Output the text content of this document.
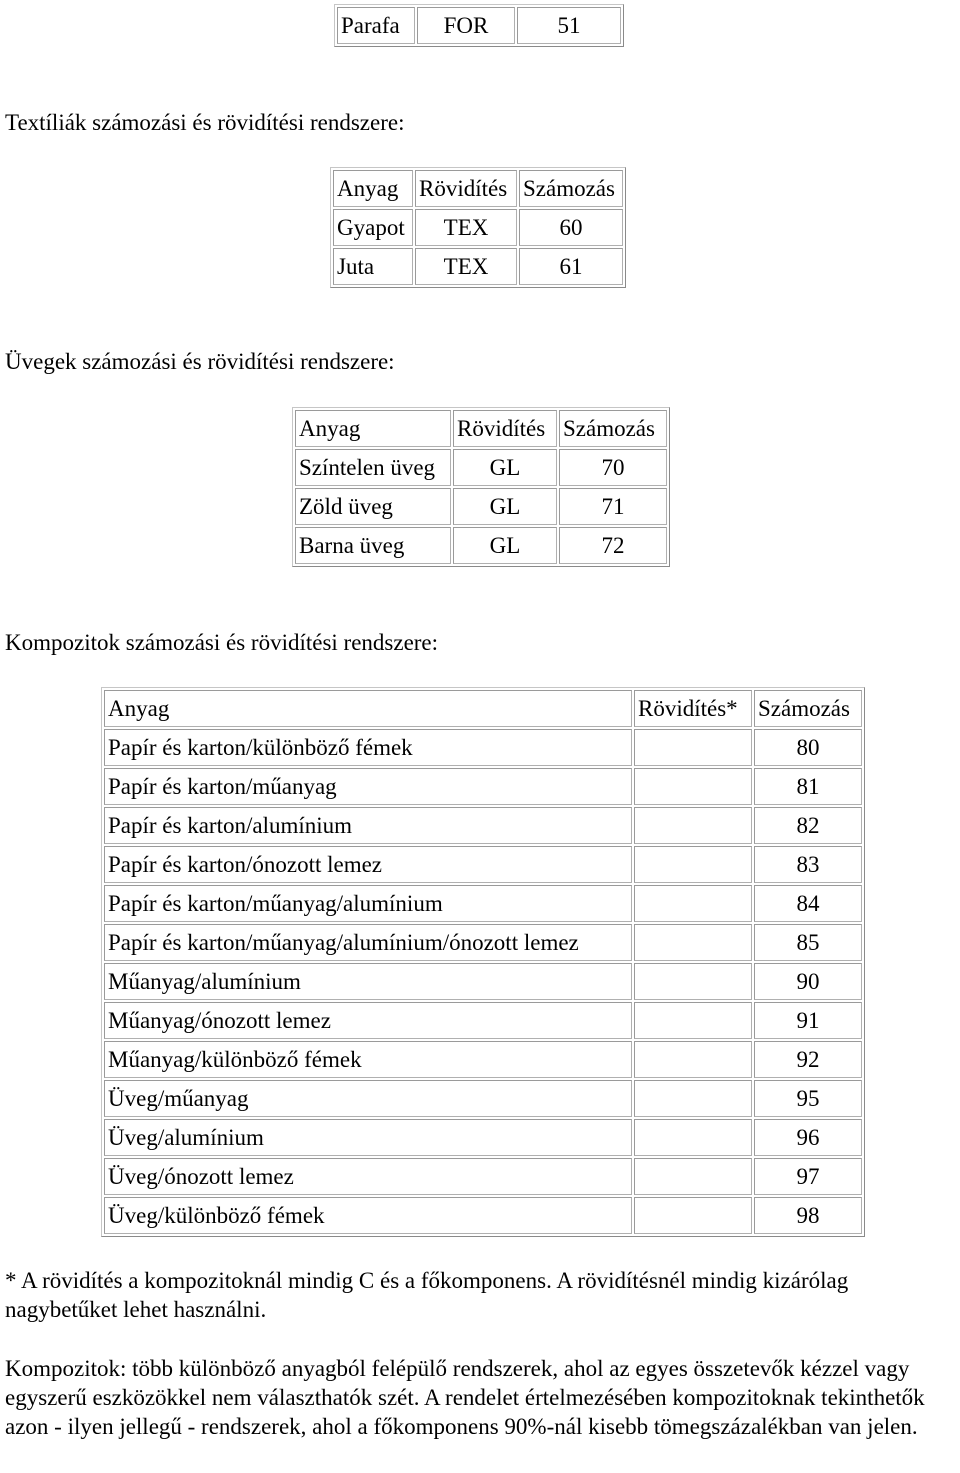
Parafa	FOR	51
Textíliák számozási és rövidítési rendszere:
Anyag	Rövidítés	Számozás
Gyapot	TEX	60
Juta	TEX	61
Üvegek számozási és rövidítési rendszere:
Anyag	Rövidítés	Számozás
Színtelen üveg	GL	70
Zöld üveg	GL	71
Barna üveg	GL	72
Kompozitok számozási és rövidítési rendszere:
Anyag	Rövidítés*	Számozás
Papír és karton/különböző fémek		80
Papír és karton/műanyag		81
Papír és karton/alumínium		82
Papír és karton/ónozott lemez		83
Papír és karton/műanyag/alumínium		84
Papír és karton/műanyag/alumínium/ónozott lemez		85
Műanyag/alumínium		90
Műanyag/ónozott lemez		91
Műanyag/különböző fémek		92
Üveg/műanyag		95
Üveg/alumínium		96
Üveg/ónozott lemez		97
Üveg/különböző fémek		98
* A rövidítés a kompozitoknál mindig C és a főkomponens. A rövidítésnél mindig kizárólag nagybetűket lehet használni.
Kompozitok: több különböző anyagból felépülő rendszerek, ahol az egyes összetevők kézzel vagy egyszerű eszközökkel nem választhatók szét. A rendelet értelmezésében kompozitoknak tekinthetők azon - ilyen jellegű - rendszerek, ahol a főkomponens 90%-nál kisebb tömegszázalékban van jelen.
